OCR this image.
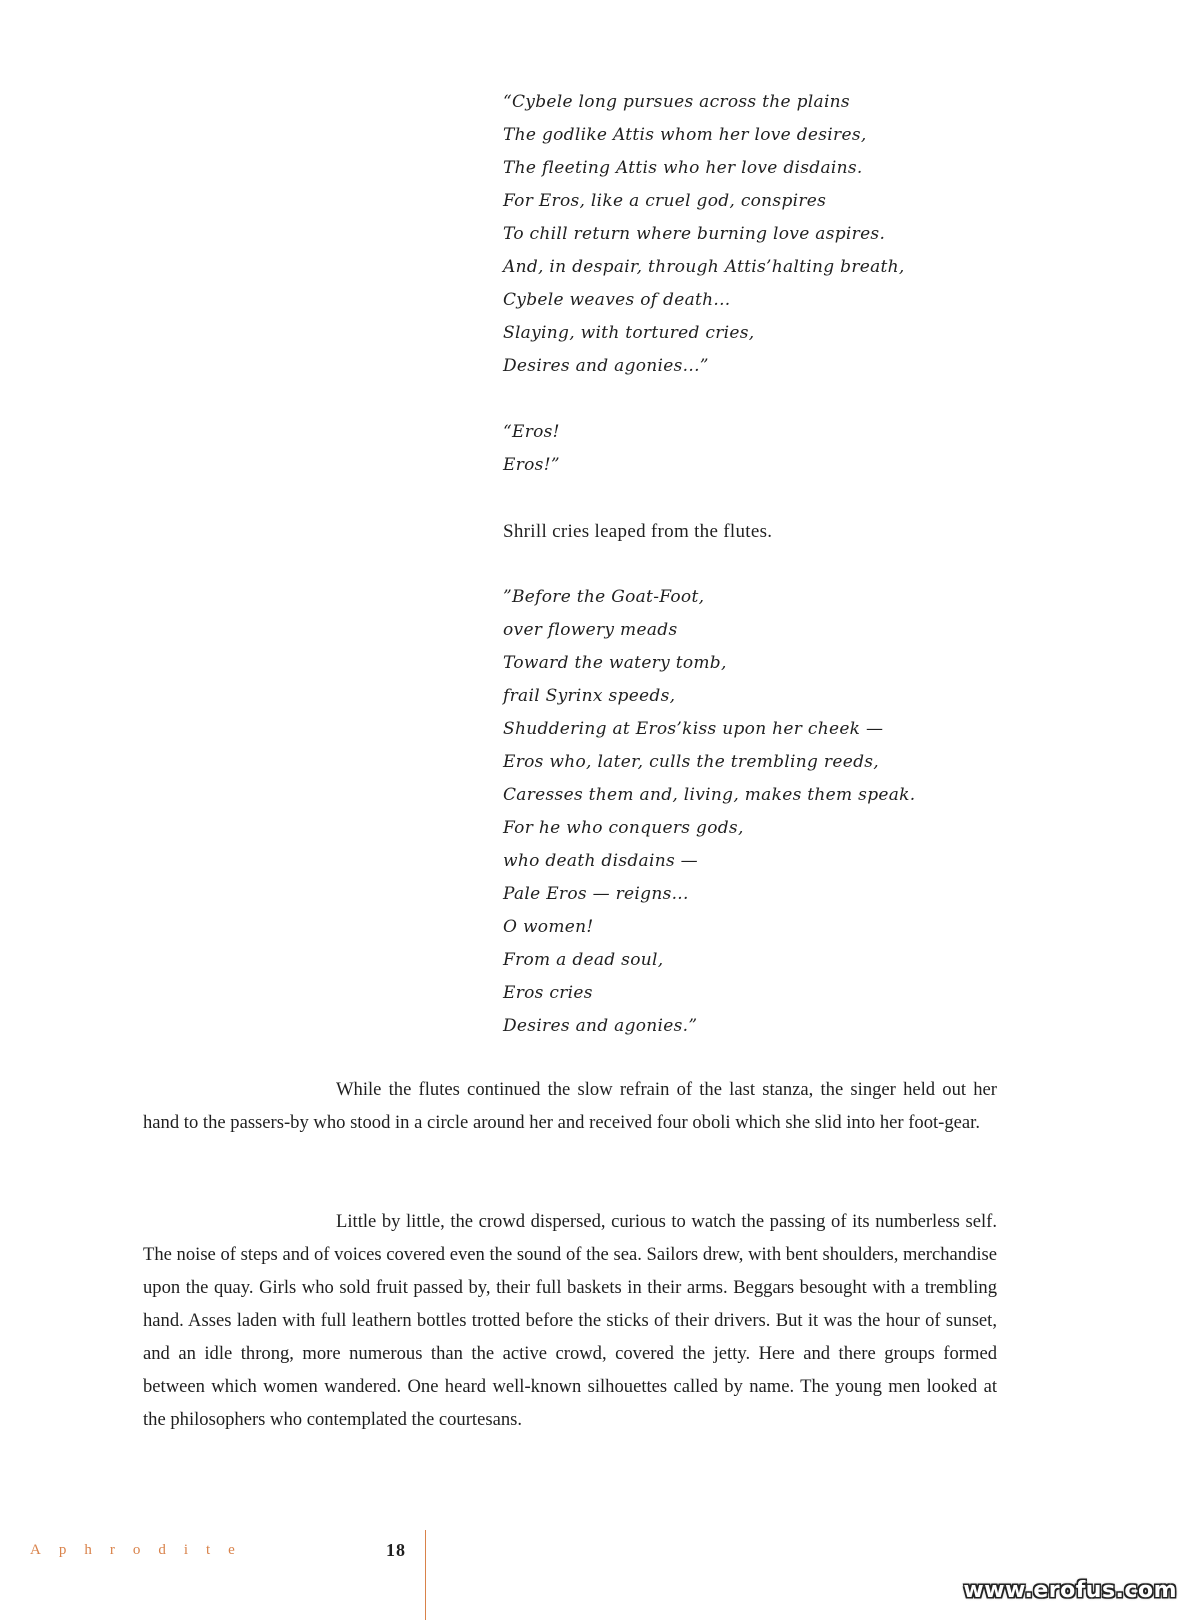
“Cybele long pursues across the plains
The godlike Attis whom her love desires,
The fleeting Attis who her love disdains.
For Eros, like a cruel god, conspires
To chill return where burning love aspires.
And, in despair, through Attis’halting breath,
Cybele weaves of death...
Slaying, with tortured cries,
Desires and agonies...”
“Eros!
Eros!”
Shrill cries leaped from the flutes.
”Before the Goat-Foot,
over flowery meads
Toward the watery tomb,
frail Syrinx speeds,
Shuddering at Eros’kiss upon her cheek —
Eros who, later, culls the trembling reeds,
Caresses them and, living, makes them speak.
For he who conquers gods,
who death disdains —
Pale Eros — reigns...
O women!
From a dead soul,
Eros cries
Desires and agonies.”

While the flutes continued the slow refrain of the last stanza, the singer held out her hand to the passers-by who stood in a circle around her and received four oboli which she slid into her foot-gear.

Little by little, the crowd dispersed, curious to watch the passing of its numberless self. The noise of steps and of voices covered even the sound of the sea. Sailors drew, with bent shoulders, merchandise upon the quay. Girls who sold fruit passed by, their full baskets in their arms. Beggars besought with a trembling hand. Asses laden with full leathern bottles trotted before the sticks of their drivers. But it was the hour of sunset, and an idle throng, more numerous than the active crowd, covered the jetty. Here and there groups formed between which women wandered. One heard well-known silhouettes called by name. The young men looked at the philosophers who contemplated the courtesans.

Aphrodite	18
www.erofus.com
